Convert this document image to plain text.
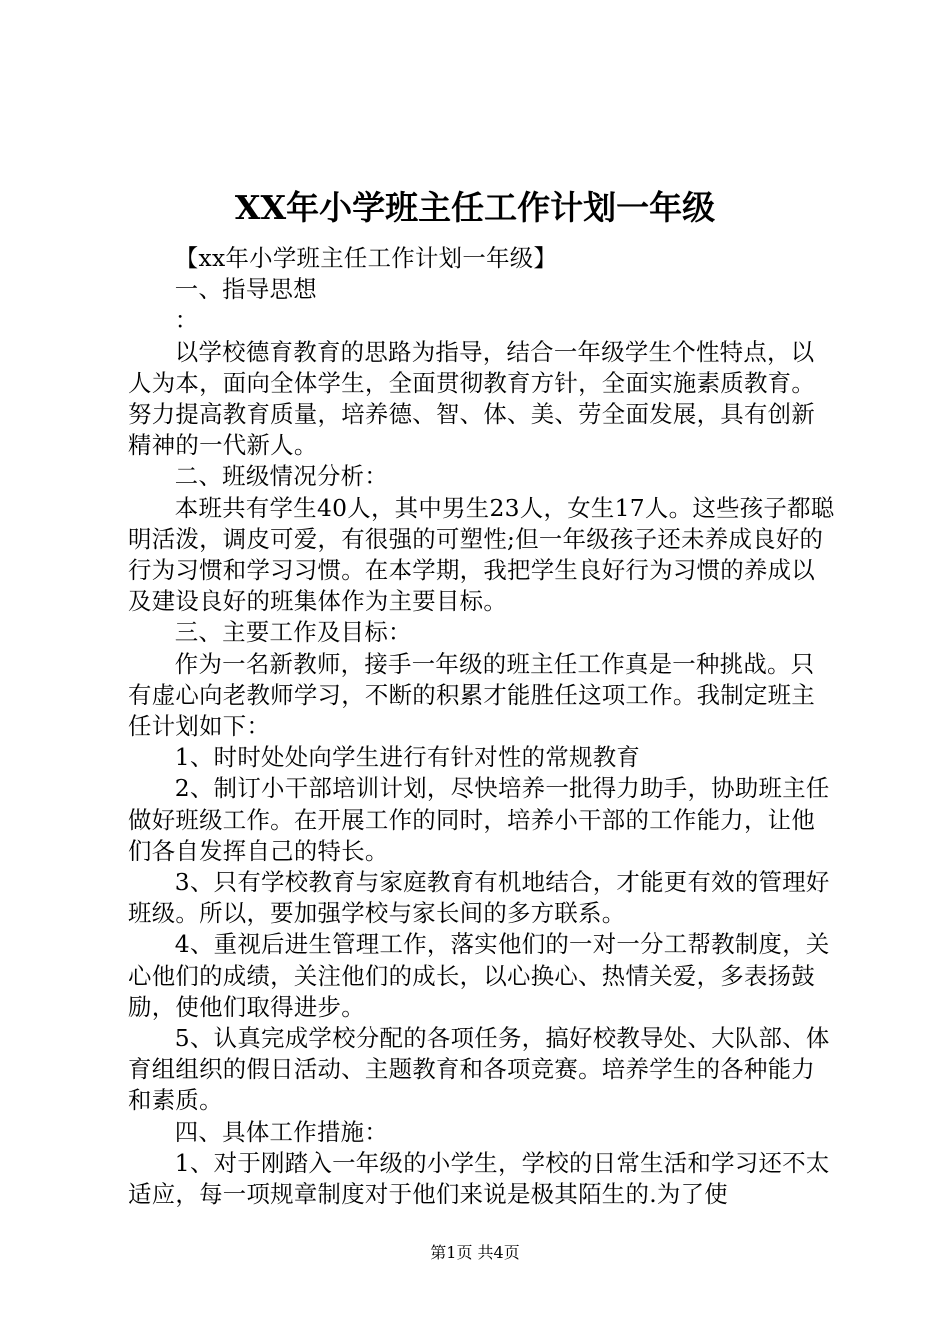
XX年小学班主任工作计划一年级

【xx年小学班主任工作计划一年级】

一、指导思想

：

以学校德育教育的思路为指导，结合一年级学生个性特点，以人为本，面向全体学生，全面贯彻教育方针，全面实施素质教育。努力提高教育质量，培养德、智、体、美、劳全面发展，具有创新精神的一代新人。

二、班级情况分析：

本班共有学生40人，其中男生23人，女生17人。这些孩子都聪明活泼，调皮可爱，有很强的可塑性;但一年级孩子还未养成良好的行为习惯和学习习惯。在本学期，我把学生良好行为习惯的养成以及建设良好的班集体作为主要目标。

三、主要工作及目标：

作为一名新教师，接手一年级的班主任工作真是一种挑战。只有虚心向老教师学习，不断的积累才能胜任这项工作。我制定班主任计划如下：

1、时时处处向学生进行有针对性的常规教育

2、制订小干部培训计划，尽快培养一批得力助手，协助班主任做好班级工作。在开展工作的同时，培养小干部的工作能力，让他们各自发挥自己的特长。

3、只有学校教育与家庭教育有机地结合，才能更有效的管理好班级。所以，要加强学校与家长间的多方联系。

4、重视后进生管理工作，落实他们的一对一分工帮教制度，关心他们的成绩，关注他们的成长，以心换心、热情关爱，多表扬鼓励，使他们取得进步。

5、认真完成学校分配的各项任务，搞好校教导处、大队部、体育组组织的假日活动、主题教育和各项竞赛。培养学生的各种能力和素质。

四、具体工作措施：

1、对于刚踏入一年级的小学生，学校的日常生活和学习还不太适应，每一项规章制度对于他们来说是极其陌生的.为了使

第1页 共4页
